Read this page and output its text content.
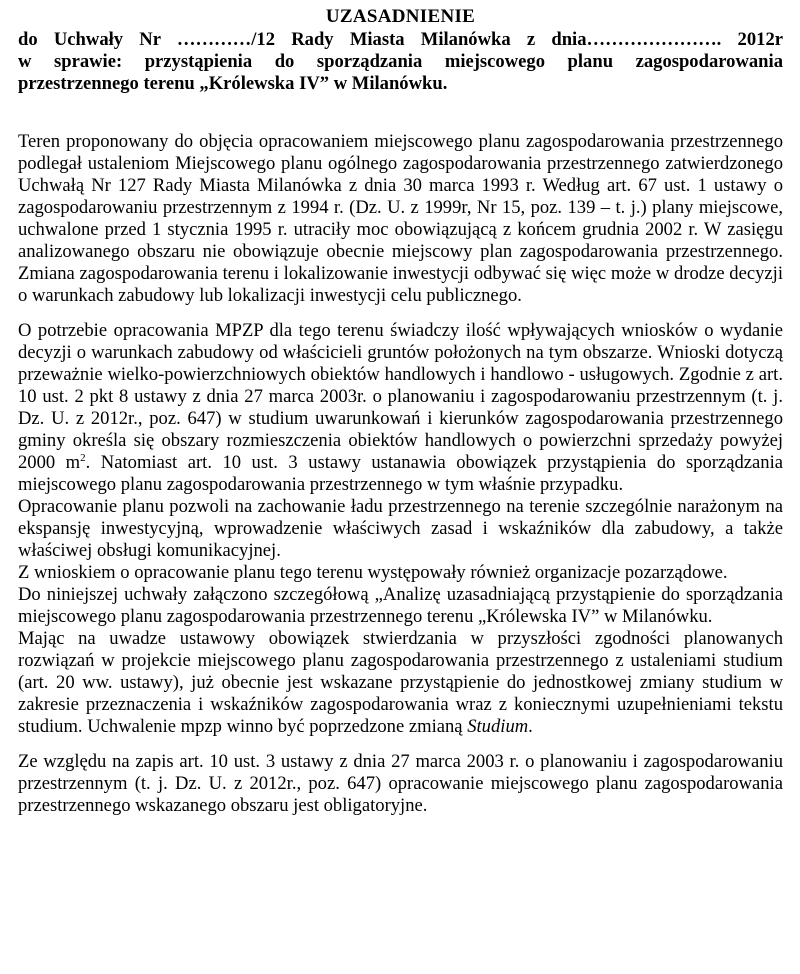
UZASADNIENIE

do Uchwały Nr …………/12 Rady Miasta Milanówka z dnia…………………. 2012r

w sprawie: przystąpienia do sporządzania miejscowego planu zagospodarowania

przestrzennego terenu „Królewska IV” w Milanówku.

Teren proponowany do objęcia opracowaniem miejscowego planu zagospodarowania przestrzennego podlegał ustaleniom Miejscowego planu ogólnego zagospodarowania przestrzennego zatwierdzonego Uchwałą Nr 127 Rady Miasta Milanówka z dnia 30 marca 1993 r. Według art. 67 ust. 1 ustawy o zagospodarowaniu przestrzennym z 1994 r. (Dz. U. z 1999r, Nr 15, poz. 139 – t. j.) plany miejscowe, uchwalone przed 1 stycznia 1995 r. utraciły moc obowiązującą z końcem grudnia 2002 r. W zasięgu analizowanego obszaru nie obowiązuje obecnie miejscowy plan zagospodarowania przestrzennego. Zmiana zagospodarowania terenu i lokalizowanie inwestycji odbywać się więc może w drodze decyzji o warunkach zabudowy lub lokalizacji inwestycji celu publicznego.

O potrzebie opracowania MPZP dla tego terenu świadczy ilość wpływających wniosków o wydanie decyzji o warunkach zabudowy od właścicieli gruntów położonych na tym obszarze. Wnioski dotyczą przeważnie wielko-powierzchniowych obiektów handlowych i handlowo - usługowych. Zgodnie z art. 10 ust. 2 pkt 8 ustawy z dnia 27 marca 2003r. o planowaniu i zagospodarowaniu przestrzennym (t. j. Dz. U. z 2012r., poz. 647) w studium uwarunkowań i kierunków zagospodarowania przestrzennego gminy określa się obszary rozmieszczenia obiektów handlowych o powierzchni sprzedaży powyżej 2000 $m^2$. Natomiast art. 10 ust. 3 ustawy ustanawia obowiązek przystąpienia do sporządzania miejscowego planu zagospodarowania przestrzennego w tym właśnie przypadku.

Opracowanie planu pozwoli na zachowanie ładu przestrzennego na terenie szczególnie narażonym na ekspansję inwestycyjną, wprowadzenie właściwych zasad i wskaźników dla zabudowy, a także właściwej obsługi komunikacyjnej.

Z wnioskiem o opracowanie planu tego terenu występowały również organizacje pozarządowe.

Do niniejszej uchwały załączono szczegółową „Analizę uzasadniającą przystąpienie do sporządzania miejscowego planu zagospodarowania przestrzennego terenu „Królewska IV” w Milanówku.

Mając na uwadze ustawowy obowiązek stwierdzania w przyszłości zgodności planowanych rozwiązań w projekcie miejscowego planu zagospodarowania przestrzennego z ustaleniami studium (art. 20 ww. ustawy), już obecnie jest wskazane przystąpienie do jednostkowej zmiany studium w zakresie przeznaczenia i wskaźników zagospodarowania wraz z koniecznymi uzupełnieniami tekstu studium. Uchwalenie mpzp winno być poprzedzone zmianą Studium.

Ze względu na zapis art. 10 ust. 3 ustawy z dnia 27 marca 2003 r. o planowaniu i zagospodarowaniu przestrzennym (t. j. Dz. U. z 2012r., poz. 647) opracowanie miejscowego planu zagospodarowania przestrzennego wskazanego obszaru jest obligatoryjne.
